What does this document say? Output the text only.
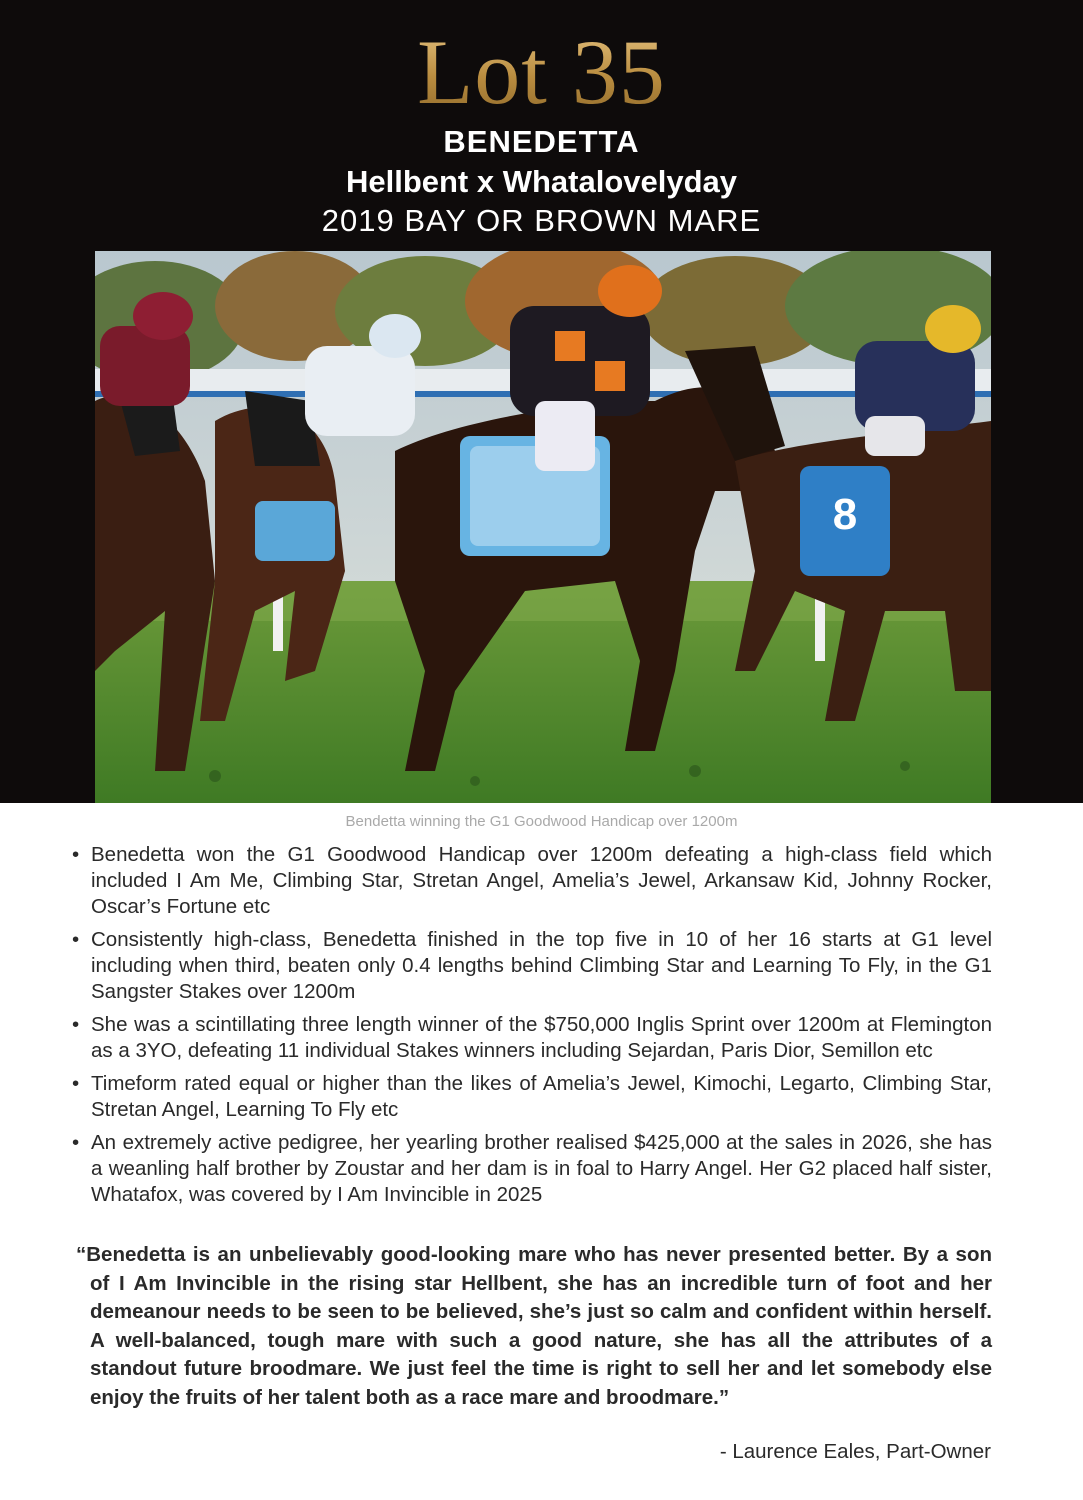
Lot 35
BENEDETTA
Hellbent x Whatalovelyday
2019 BAY OR BROWN MARE
8
Bendetta winning the G1 Goodwood Handicap over 1200m
• Benedetta won the G1 Goodwood Handicap over 1200m defeating a high-class field which included I Am Me, Climbing Star, Stretan Angel, Amelia’s Jewel, Arkansaw Kid, Johnny Rocker, Oscar’s Fortune etc
• Consistently high-class, Benedetta finished in the top five in 10 of her 16 starts at G1 level including when third, beaten only 0.4 lengths behind Climbing Star and Learning To Fly, in the G1 Sangster Stakes over 1200m
• She was a scintillating three length winner of the $750,000 Inglis Sprint over 1200m at Flemington as a 3YO, defeating 11 individual Stakes winners including Sejardan, Paris Dior, Semillon etc
• Timeform rated equal or higher than the likes of Amelia’s Jewel, Kimochi, Legarto, Climbing Star, Stretan Angel, Learning To Fly etc
• An extremely active pedigree, her yearling brother realised $425,000 at the sales in 2026, she has a weanling half brother by Zoustar and her dam is in foal to Harry Angel. Her G2 placed half sister, Whatafox, was covered by I Am Invincible in 2025
“Benedetta is an unbelievably good-looking mare who has never presented better. By a son of I Am Invincible in the rising star Hellbent, she has an incredible turn of foot and her demeanour needs to be seen to be believed, she’s just so calm and confident within herself. A well-balanced, tough mare with such a good nature, she has all the attributes of a standout future broodmare. We just feel the time is right to sell her and let somebody else enjoy the fruits of her talent both as a race mare and broodmare.”
- Laurence Eales, Part-Owner
